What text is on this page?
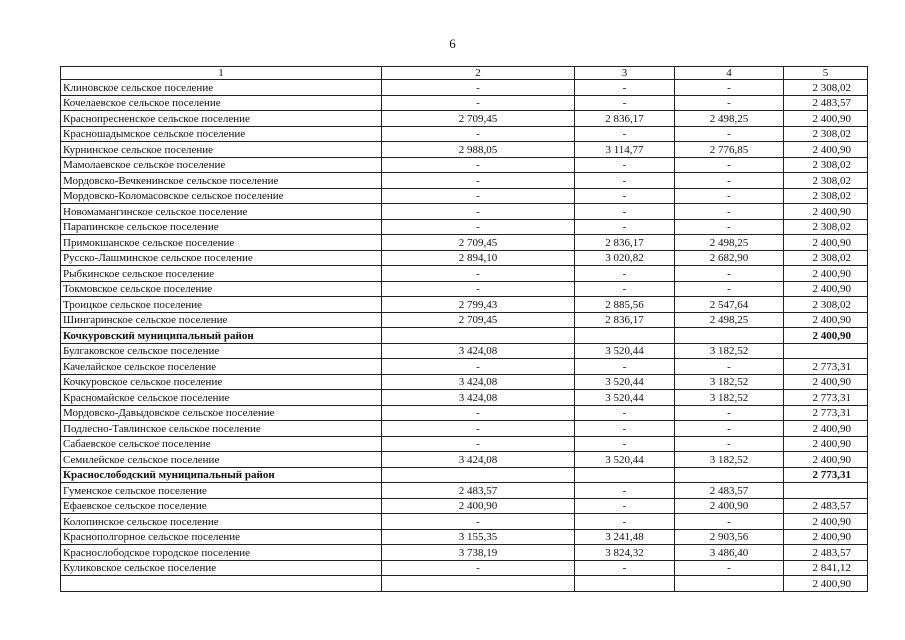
6
1	2	3	4	5
Клиновское сельское поселение	-	-	-	2 308,02
Кочелаевское сельское поселение	-	-	-	2 483,57
Краснопресненское сельское поселение	2 709,45	2 836,17	2 498,25	2 400,90
Красношадымское сельское поселение	-	-	-	2 308,02
Курнинское сельское поселение	2 988,05	3 114,77	2 776,85	2 400,90
Мамолаевское сельское поселение	-	-	-	2 308,02
Мордовско-Вечкенинское сельское поселение	-	-	-	2 308,02
Мордовско-Коломасовское сельское поселение	-	-	-	2 308,02
Новомамангинское сельское поселение	-	-	-	2 400,90
Парапинское сельское поселение	-	-	-	2 308,02
Примокшанское сельское поселение	2 709,45	2 836,17	2 498,25	2 400,90
Русско-Лашминское сельское поселение	2 894,10	3 020,82	2 682,90	2 308,02
Рыбкинское сельское поселение	-	-	-	2 400,90
Токмовское сельское поселение	-	-	-	2 400,90
Троицкое сельское поселение	2 799,43	2 885,56	2 547,64	2 308,02
Шингаринское сельское поселение	2 709,45	2 836,17	2 498,25	2 400,90
Кочкуровский муниципальный район				2 400,90
Булгаковское сельское поселение	3 424,08	3 520,44	3 182,52	
Качелайское сельское поселение	-	-	-	2 773,31
Кочкуровское сельское поселение	3 424,08	3 520,44	3 182,52	2 400,90
Красномайское сельское поселение	3 424,08	3 520,44	3 182,52	2 773,31
Мордовско-Давыдовское сельское поселение	-	-	-	2 773,31
Подлесно-Тавлинское сельское поселение	-	-	-	2 400,90
Сабаевское сельское поселение	-	-	-	2 400,90
Семилейское сельское поселение	3 424,08	3 520,44	3 182,52	2 400,90
Краснослободский муниципальный район				2 773,31
Гуменское сельское поселение	2 483,57	-	2 483,57	
Ефаевское сельское поселение	2 400,90	-	2 400,90	2 483,57
Колопинское сельское поселение	-	-	-	2 400,90
Краснополгорное сельское поселение	3 155,35	3 241,48	2 903,56	2 400,90
Краснослободское городское поселение	3 738,19	3 824,32	3 486,40	2 483,57
Куликовское сельское поселение	-	-	-	2 841,12
				2 400,90
